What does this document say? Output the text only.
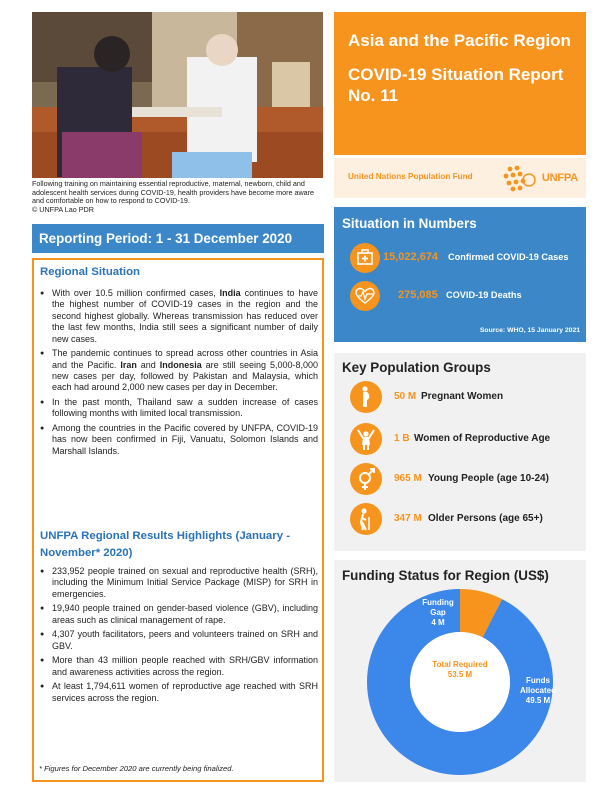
Following training on maintaining essential reproductive, maternal, newborn, child and adolescent health services during COVID-19, health providers have become more aware and comfortable on how to respond to COVID-19.
© UNFPA Lao PDR
Asia and the Pacific Region
COVID-19 Situation Report No. 11
United Nations Population Fund	UNFPA
Reporting Period: 1 - 31 December 2020
Regional Situation
● With over 10.5 million confirmed cases, India continues to have the highest number of COVID-19 cases in the region and the second highest globally. Whereas transmission has reduced over the last few months, India still sees a significant number of daily new cases.
● The pandemic continues to spread across other countries in Asia and the Pacific. Iran and Indonesia are still seeing 5,000-8,000 new cases per day, followed by Pakistan and Malaysia, which each had around 2,000 new cases per day in December.
● In the past month, Thailand saw a sudden increase of cases following months with limited local transmission.
● Among the countries in the Pacific covered by UNFPA, COVID-19 has now been confirmed in Fiji, Vanuatu, Solomon Islands and Marshall Islands.
UNFPA Regional Results Highlights (January - November* 2020)
● 233,952 people trained on sexual and reproductive health (SRH), including the Minimum Initial Service Package (MISP) for SRH in emergencies.
● 19,940 people trained on gender-based violence (GBV), including areas such as clinical management of rape.
● 4,307 youth facilitators, peers and volunteers trained on SRH and GBV.
● More than 43 million people reached with SRH/GBV information and awareness activities across the region.
● At least 1,794,611 women of reproductive age reached with SRH services across the region.
* Figures for December 2020 are currently being finalized.
Situation in Numbers
15,022,674 Confirmed COVID-19 Cases
275,085 COVID-19 Deaths
Source: WHO, 15 January 2021
Key Population Groups
50 M Pregnant Women
1 B Women of Reproductive Age
965 M Young People (age 10-24)
347 M Older Persons (age 65+)
Funding Status for Region (US$)
Funding Gap
4 M
Total Required
53.5 M
Funds Allocated
49.5 M
